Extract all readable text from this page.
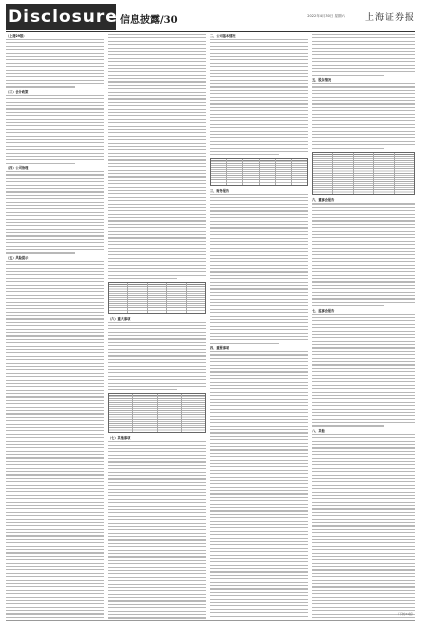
Disclosure 信息披露/30	2022年4月30日 星期六 上海证券报
（上接29版）
（三）会计政策
（四）公司治理
（五）风险提示
（六）重大事项
（七）其他事项
二、公司基本情况
三、财务报告
四、重要事项
五、股东情况
六、董事会报告
七、监事会报告
八、其他
（下转31版）
